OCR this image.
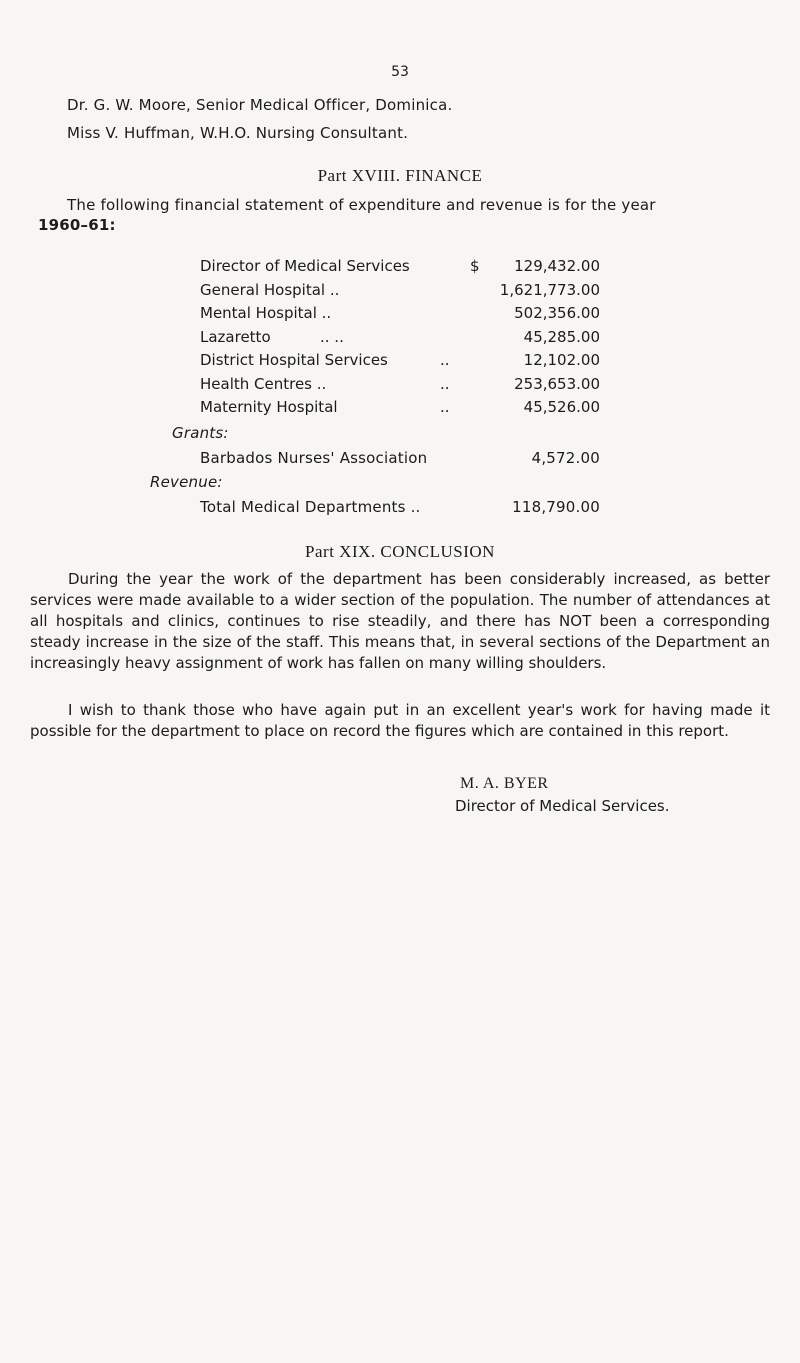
53
Dr. G. W. Moore, Senior Medical Officer, Dominica.
Miss V. Huffman, W.H.O. Nursing Consultant.
Part XVIII. FINANCE
The following financial statement of expenditure and revenue is for the year
1960–61:
Director of Medical Services	$	129,432.00
General Hospital ..	1,621,773.00
Mental Hospital ..	502,356.00
Lazaretto	.. ..	45,285.00
District Hospital Services	..	12,102.00
Health Centres ..	..	253,653.00
Maternity Hospital	..	45,526.00
Grants:
Barbados Nurses' Association	4,572.00
Revenue:
Total Medical Departments ..	118,790.00
Part XIX. CONCLUSION
During the year the work of the department has been considerably increased, as better services were made available to a wider section of the population. The number of attendances at all hospitals and clinics, continues to rise steadily, and there has NOT been a corresponding steady increase in the size of the staff. This means that, in several sections of the Department an increasingly heavy assignment of work has fallen on many willing shoulders.
I wish to thank those who have again put in an excellent year's work for having made it possible for the department to place on record the figures which are contained in this report.
M. A. BYER
Director of Medical Services.
